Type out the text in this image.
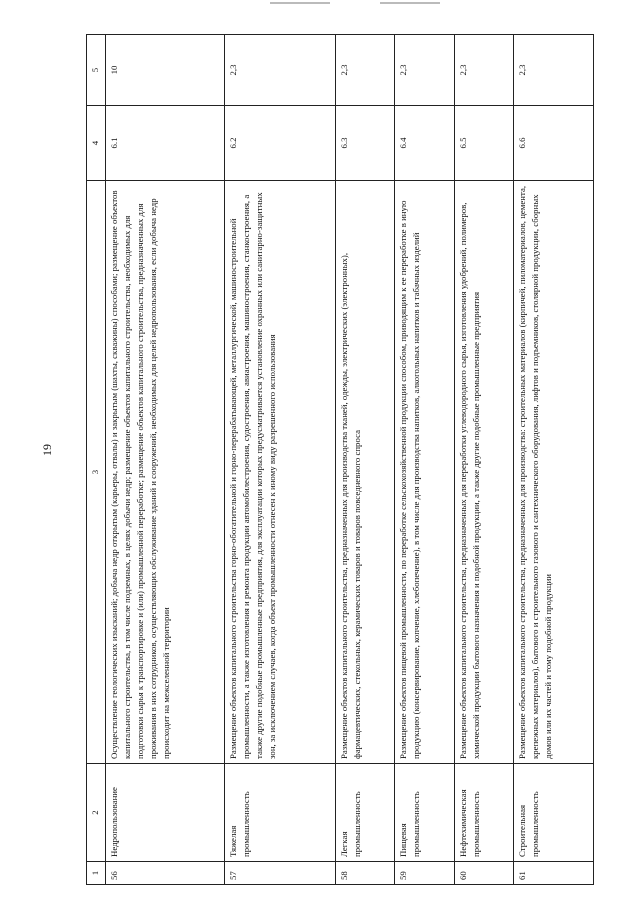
19
1	2	3	4	5
56	Недропользование	Осуществление геологических изысканий; добыча недр открытым (карьеры, отвалы) и закрытым (шахты, скважины) способами; размещение объектов капитального строительства, в том числе подземных, в целях добычи недр; размещение объектов капитального строительства, необходимых для подготовки сырья к транспортировке и (или) промышленной переработке; размещение объектов капитального строительства, предназначенных для проживания в них сотрудников, осуществляющих обслуживание зданий и сооружений, необходимых для целей недропользования, если добыча недр происходит на межселенной территории	6.1	10
57	Тяжелая промышленность	Размещение объектов капитального строительства горно-обогатительной и горно-перерабатывающей, металлургической, машиностроительной промышленности, а также изготовления и ремонта продукции автомобилестроения, судостроения, авиастроения, машиностроения, станкостроения, а также другие подобные промышленные предприятия, для эксплуатации которых предусматривается установление охранных или санитарно-защитных зон, за исключением случаев, когда объект промышленности отнесен к иному виду разрешенного использования	6.2	2,3
58	Легкая промышленность	Размещение объектов капитального строительства, предназначенных для производства тканей, одежды, электрических (электронных), фармацевтических, стекольных, керамических товаров и товаров повседневного спроса	6.3	2,3
59	Пищевая промышленность	Размещение объектов пищевой промышленности, по переработке сельскохозяйственной продукции способом, приводящим к ее переработке в иную продукцию (консервирование, копчение, хлебопечение), в том числе для производства напитков, алкогольных напитков и табачных изделий	6.4	2,3
60	Нефтехимическая промышленность	Размещение объектов капитального строительства, предназначенных для переработки углеводородного сырья, изготовления удобрений, полимеров, химической продукции бытового назначения и подобной продукции, а также другие подобные промышленные предприятия	6.5	2,3
61	Строительная промышленность	Размещение объектов капитального строительства, предназначенных для производства: строительных материалов (кирпичей, пиломатериалов, цемента, крепежных материалов), бытового и строительного газового и сантехнического оборудования, лифтов и подъемников, столярной продукции, сборных домов или их частей и тому подобной продукции	6.6	2,3
